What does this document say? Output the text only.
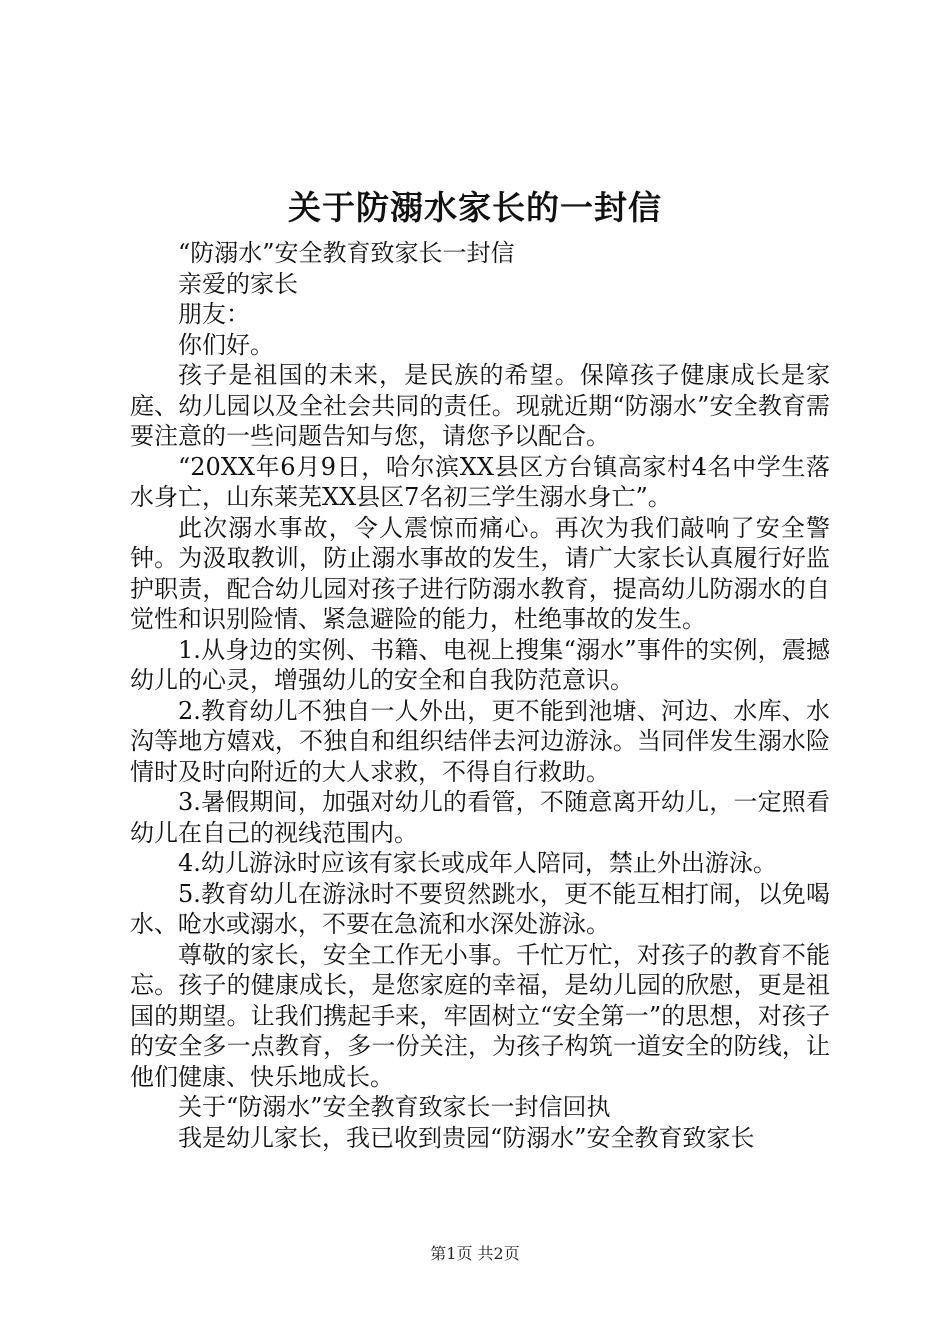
关于防溺水家长的一封信

“防溺水”安全教育致家长一封信

亲爱的家长

朋友：

你们好。

孩子是祖国的未来，是民族的希望。保障孩子健康成长是家庭、幼儿园以及全社会共同的责任。现就近期“防溺水”安全教育需要注意的一些问题告知与您，请您予以配合。

“20XX年6月9日，哈尔滨XX县区方台镇高家村4名中学生落水身亡，山东莱芜XX县区7名初三学生溺水身亡”。

此次溺水事故，令人震惊而痛心。再次为我们敲响了安全警钟。为汲取教训，防止溺水事故的发生，请广大家长认真履行好监护职责，配合幼儿园对孩子进行防溺水教育，提高幼儿防溺水的自觉性和识别险情、紧急避险的能力，杜绝事故的发生。

1.从身边的实例、书籍、电视上搜集“溺水”事件的实例，震撼幼儿的心灵，增强幼儿的安全和自我防范意识。

2.教育幼儿不独自一人外出，更不能到池塘、河边、水库、水沟等地方嬉戏，不独自和组织结伴去河边游泳。当同伴发生溺水险情时及时向附近的大人求救，不得自行救助。

3.暑假期间，加强对幼儿的看管，不随意离开幼儿，一定照看幼儿在自己的视线范围内。

4.幼儿游泳时应该有家长或成年人陪同，禁止外出游泳。

5.教育幼儿在游泳时不要贸然跳水，更不能互相打闹，以免喝水、呛水或溺水，不要在急流和水深处游泳。

尊敬的家长，安全工作无小事。千忙万忙，对孩子的教育不能忘。孩子的健康成长，是您家庭的幸福，是幼儿园的欣慰，更是祖国的期望。让我们携起手来，牢固树立“安全第一”的思想，对孩子的安全多一点教育，多一份关注，为孩子构筑一道安全的防线，让他们健康、快乐地成长。

关于“防溺水”安全教育致家长一封信回执

我是幼儿家长，我已收到贵园“防溺水”安全教育致家长

第1页 共2页
